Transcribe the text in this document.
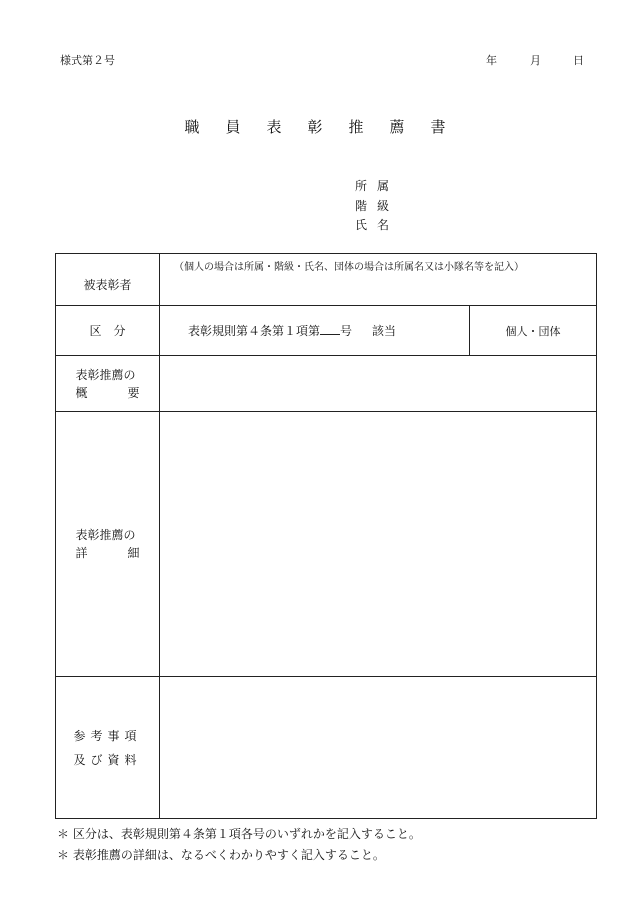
様式第２号	年	月	日
職員表彰推薦書
所属
階級
氏名
被表彰者	（個人の場合は所属・階級・氏名、団体の場合は所属名又は小隊名等を記入）	
区　分	表彰規則第４条第１項第 号 該当	個人・団体

表彰推薦の
概 要		

表彰推薦の
詳 細		

参考事項
及び資料		

＊ 区分は、表彰規則第４条第１項各号のいずれかを記入すること。
＊ 表彰推薦の詳細は、なるべくわかりやすく記入すること。
